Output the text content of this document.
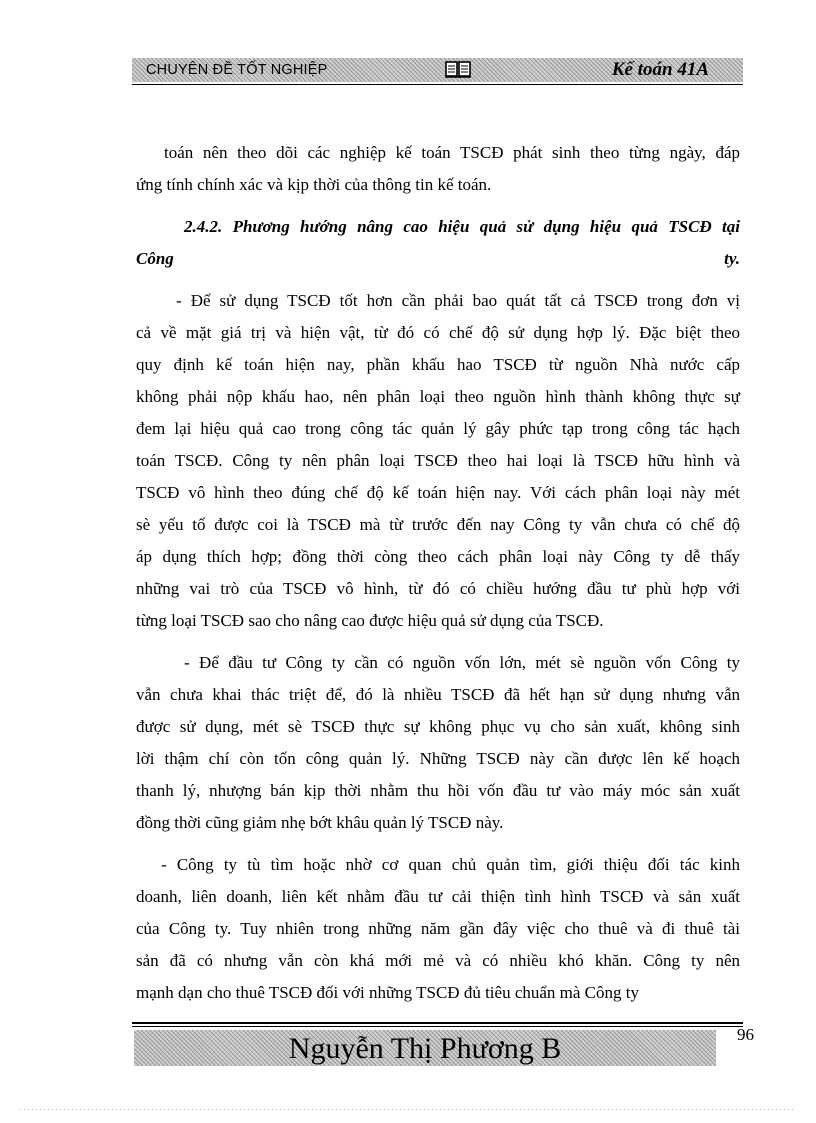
CHUYÊN ĐỀ TỐT NGHIỆP	Kế toán 41A

toán nên theo dõi các nghiệp kế toán TSCĐ phát sinh theo từng ngày, đáp

ứng tính chính xác và kịp thời của thông tin kế toán.

2.4.2. Phương hướng nâng cao hiệu quả sử dụng hiệu quả TSCĐ tại

Công                                                                                     ty.

- Để sử dụng TSCĐ tốt hơn cần phải bao quát tất cả TSCĐ trong đơn vị

cả về mặt giá trị và hiện vật, từ đó có chế độ sử dụng hợp lý. Đặc biệt theo

quy định kế toán hiện nay, phần khấu hao TSCĐ từ nguồn Nhà nước cấp

không phải nộp khấu hao, nên phân loại theo nguồn hình thành không thực sự

đem lại hiệu quả cao trong công tác quản lý gây phức tạp trong công tác hạch

toán TSCĐ. Công ty nên phân loại TSCĐ theo hai loại là TSCĐ hữu hình và

TSCĐ vô hình theo đúng chế độ kế toán hiện nay. Với cách phân loại này mét

sè yếu tố được coi là TSCĐ mà từ trước đến nay Công ty vẫn chưa có chế độ

áp dụng thích hợp; đồng thời còng theo cách phân loại này Công ty dễ thấy

những vai trò của TSCĐ vô hình, từ đó có chiều hướng đầu tư phù hợp với

từng loại TSCĐ sao cho nâng cao được hiệu quả sử dụng của TSCĐ.

- Để đầu tư Công ty cần có nguồn vốn lớn, mét sè nguồn vốn Công ty

vẫn chưa khai thác triệt để, đó là nhiều TSCĐ đã hết hạn sử dụng nhưng vẫn

được sử dụng, mét sè TSCĐ thực sự không phục vụ cho sản xuất, không sinh

lời thậm chí còn tốn công quản lý. Những TSCĐ này cần được lên kế hoạch

thanh lý, nhượng bán kịp thời nhằm thu hồi vốn đầu tư vào máy móc sản xuất

đồng thời cũng giảm nhẹ bớt khâu quản lý TSCĐ này.

- Công ty tù tìm hoặc nhờ cơ quan chủ quản tìm, giới thiệu đối tác kinh

doanh, liên doanh, liên kết nhằm đầu tư cải thiện tình hình TSCĐ và sản xuất

của Công ty. Tuy nhiên trong những năm gần đây việc cho thuê và đi thuê tài

sản đã có nhưng vẫn còn khá mới mẻ và có nhiều khó khăn. Công ty nên

mạnh dạn cho thuê TSCĐ đối với những TSCĐ đủ tiêu chuẩn mà Công ty

Nguyễn Thị Phương B	96
